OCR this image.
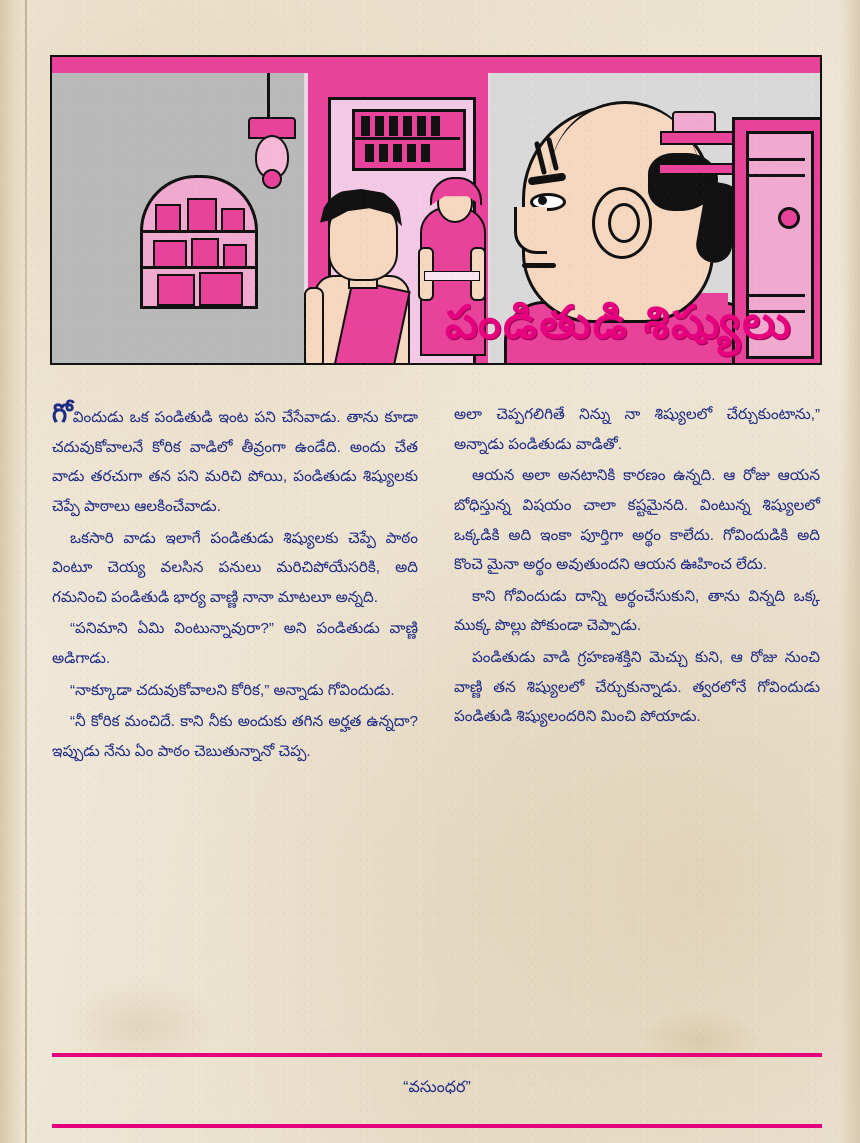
పండితుడి శిష్యులు

గోవిందుడు ఒక పండితుడి ఇంట పని చేసేవాడు. తాను కూడా చదువుకోవాలనే కోరిక వాడిలో తీవ్రంగా ఉండేది. అందు చేత వాడు తరచుగా తన పని మరిచి పోయి, పండితుడు శిష్యులకు చెప్పే పాఠాలు ఆలకించేవాడు.

ఒకసారి వాడు ఇలాగే పండితుడు శిష్యులకు చెప్పే పాఠం వింటూ చెయ్య వలసిన పనులు మరిచిపోయేసరికి, అది గమనించి పండితుడి భార్య వాణ్ణి నానా మాటలూ అన్నది.

“పనిమాని ఏమి వింటున్నావురా?” అని పండితుడు వాణ్ణి అడిగాడు.

“నాక్కూడా చదువుకోవాలని కోరిక,” అన్నాడు గోవిందుడు.

“నీ కోరిక మంచిదే. కాని నీకు అందుకు తగిన అర్హత ఉన్నదా? ఇప్పుడు నేను ఏం పాఠం చెబుతున్నానో చెప్ప.

అలా చెప్పగలిగితే నిన్ను నా శిష్యులలో చేర్చుకుంటాను,” అన్నాడు పండితుడు వాడితో.

ఆయన అలా అనటానికి కారణం ఉన్నది. ఆ రోజు ఆయన బోధిస్తున్న విషయం చాలా కష్టమైనది. వింటున్న శిష్యులలో ఒక్కడికి అది ఇంకా పూర్తిగా అర్థం కాలేదు. గోవిందుడికి అది కొంచె మైనా అర్థం అవుతుందని ఆయన ఊహించ లేదు.

కాని గోవిందుడు దాన్ని అర్థంచేసుకుని, తాను విన్నది ఒక్క ముక్క పొల్లు పోకుండా చెప్పాడు.

పండితుడు వాడి గ్రహణశక్తిని మెచ్చు కుని, ఆ రోజు నుంచి వాణ్ణి తన శిష్యులలో చేర్చుకున్నాడు. త్వరలోనే గోవిందుడు పండితుడి శిష్యులందరిని మించి పోయాడు.

“వసుంధర”
